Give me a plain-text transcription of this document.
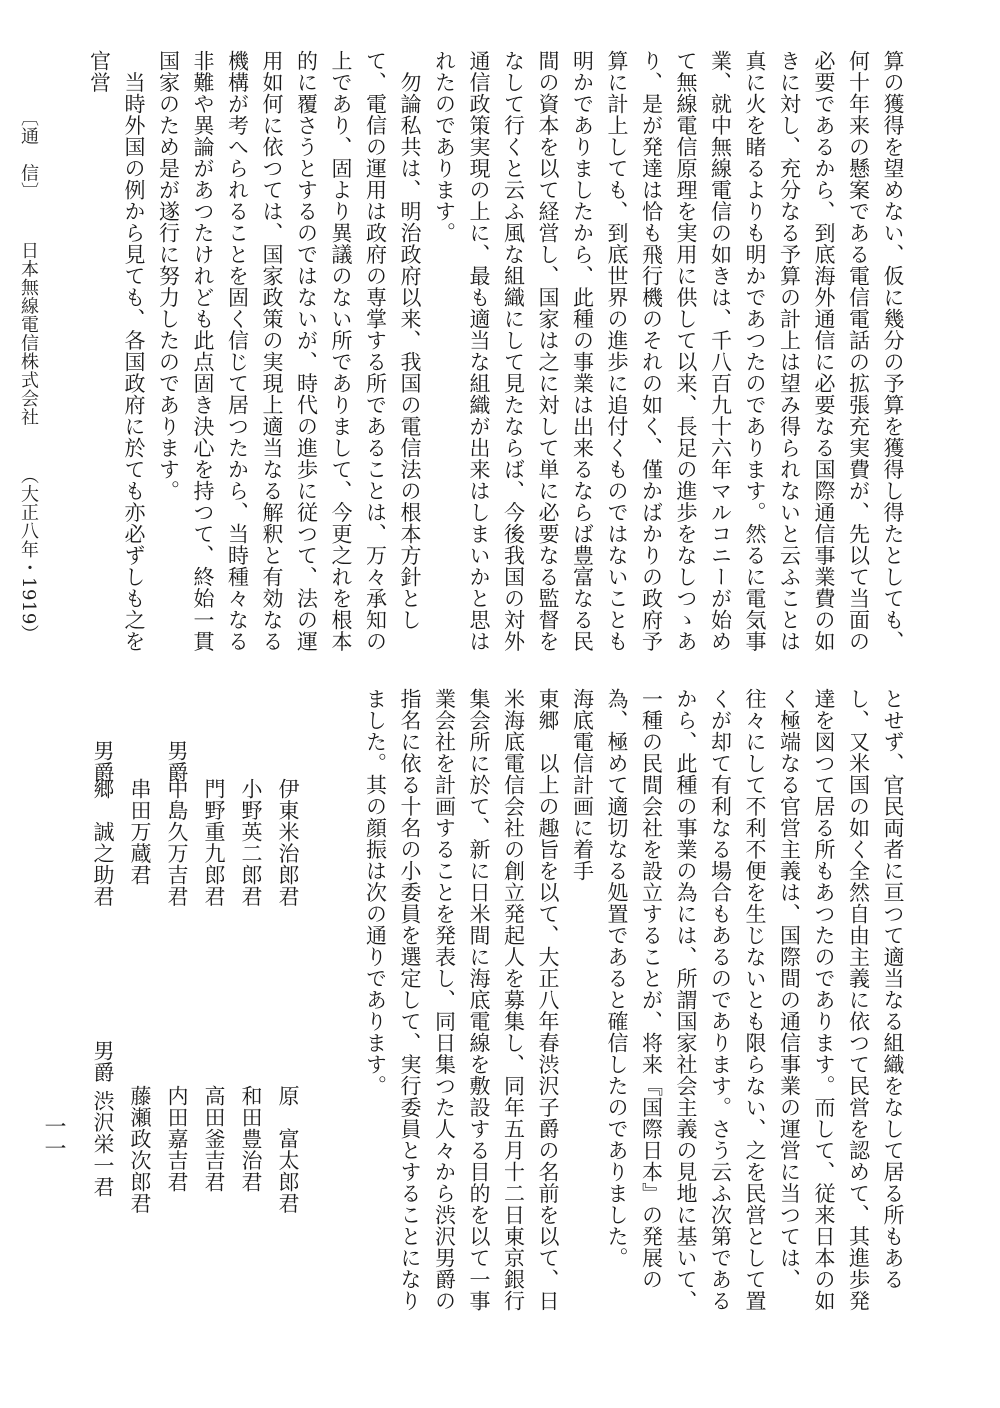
算の獲得を望めない、仮に幾分の予算を獲得し得たとしても、何十年来の懸案である電信電話の拡張充実費が、先以て当面の必要であるから、到底海外通信に必要なる国際通信事業費の如きに対し、充分なる予算の計上は望み得られないと云ふことは真に火を睹るよりも明かであつたのであります。然るに電気事業、就中無線電信の如きは、千八百九十六年マルコニーが始めて無線電信原理を実用に供して以来、長足の進歩をなしつゝあり、是が発達は恰も飛行機のそれの如く、僅かばかりの政府予算に計上しても、到底世界の進歩に追付くものではないことも明かでありましたから、此種の事業は出来るならば豊富なる民間の資本を以て経営し、国家は之に対して単に必要なる監督をなして行くと云ふ風な組織にして見たならば、今後我国の対外通信政策実現の上に、最も適当な組織が出来はしまいかと思はれたのであります。

　勿論私共は、明治政府以来、我国の電信法の根本方針として、電信の運用は政府の専掌する所であることは、万々承知の上であり、固より異議のない所でありまして、今更之れを根本的に覆さうとするのではないが、時代の進歩に従つて、法の運用如何に依つては、国家政策の実現上適当なる解釈と有効なる機構が考へられることを固く信じて居つたから、当時種々なる非難や異論があつたけれども此点固き決心を持つて、終始一貫国家のため是が遂行に努力したのであります。

　当時外国の例から見ても、各国政府に於ても亦必ずしも之を官営

とせず、官民両者に亘つて適当なる組織をなして居る所もあるし、又米国の如く全然自由主義に依つて民営を認めて、其進歩発達を図つて居る所もあつたのであります。而して、従来日本の如く極端なる官営主義は、国際間の通信事業の運営に当つては、往々にして不利不便を生じないとも限らない、之を民営として置くが却て有利なる場合もあるのであります。さう云ふ次第であるから、此種の事業の為には、所謂国家社会主義の見地に基いて、一種の民間会社を設立することが、将来『国際日本』の発展の為、極めて適切なる処置であると確信したのでありました。

海底電信計画に着手

東郷　以上の趣旨を以て、大正八年春渋沢子爵の名前を以て、日米海底電信会社の創立発起人を募集し、同年五月十二日東京銀行集会所に於て、新に日米間に海底電線を敷設する目的を以て一事業会社を計画することを発表し、同日集つた人々から渋沢男爵の指名に依る十名の小委員を選定して、実行委員とすることになりました。其の顔振は次の通りであります。

〔通　信〕  日本無線電信株式会社  （大正八年・1919）
伊東米治郎君
原　富太郎君
小野英二郎君
和田豊治君
門野重九郎君
高田釜吉君
男爵
中島久万吉君
内田嘉吉君
串田万蔵君
藤瀬政次郎君
男爵
郷　誠之助君
男爵 渋沢栄一君
一一
